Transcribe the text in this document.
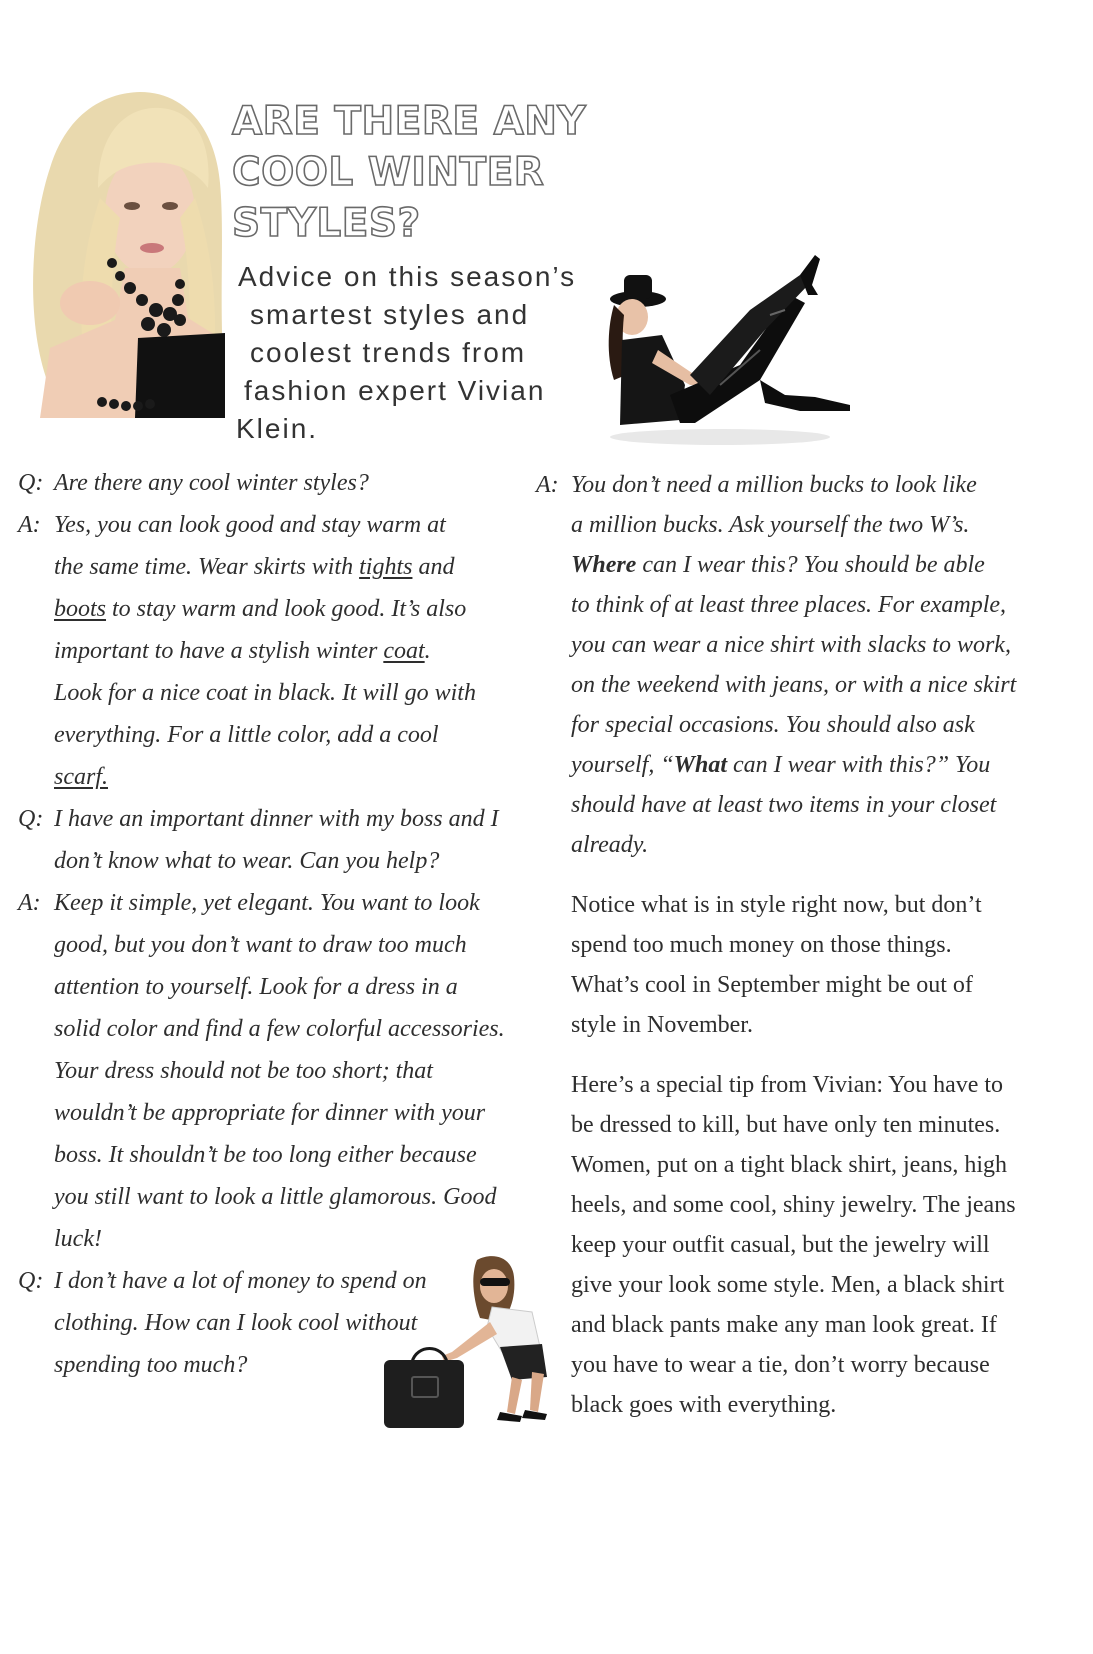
ARE THERE ANY
COOL WINTER
STYLES?
Advice on this season’s
smartest styles and
coolest trends from
fashion expert Vivian
Klein.
Q: Are there any cool winter styles?
A: Yes, you can look good and stay warm at
the same time. Wear skirts with tights and
boots to stay warm and look good. It’s also
important to have a stylish winter coat.
Look for a nice coat in black. It will go with
everything. For a little color, add a cool
scarf.
Q: I have an important dinner with my boss and I
don’t know what to wear. Can you help?
A: Keep it simple, yet elegant. You want to look
good, but you don’t want to draw too much
attention to yourself. Look for a dress in a
solid color and find a few colorful accessories.
Your dress should not be too short; that
wouldn’t be appropriate for dinner with your
boss. It shouldn’t be too long either because
you still want to look a little glamorous. Good
luck!
Q: I don’t have a lot of money to spend on
clothing. How can I look cool without
spending too much?
A: You don’t need a million bucks to look like
a million bucks. Ask yourself the two W’s.
Where can I wear this? You should be able
to think of at least three places. For example,
you can wear a nice shirt with slacks to work,
on the weekend with jeans, or with a nice skirt
for special occasions. You should also ask
yourself, “What can I wear with this?” You
should have at least two items in your closet
already.
Notice what is in style right now, but don’t
spend too much money on those things.
What’s cool in September might be out of
style in November.
Here’s a special tip from Vivian: You have to
be dressed to kill, but have only ten minutes.
Women, put on a tight black shirt, jeans, high
heels, and some cool, shiny jewelry. The jeans
keep your outfit casual, but the jewelry will
give your look some style. Men, a black shirt
and black pants make any man look great. If
you have to wear a tie, don’t worry because
black goes with everything.
